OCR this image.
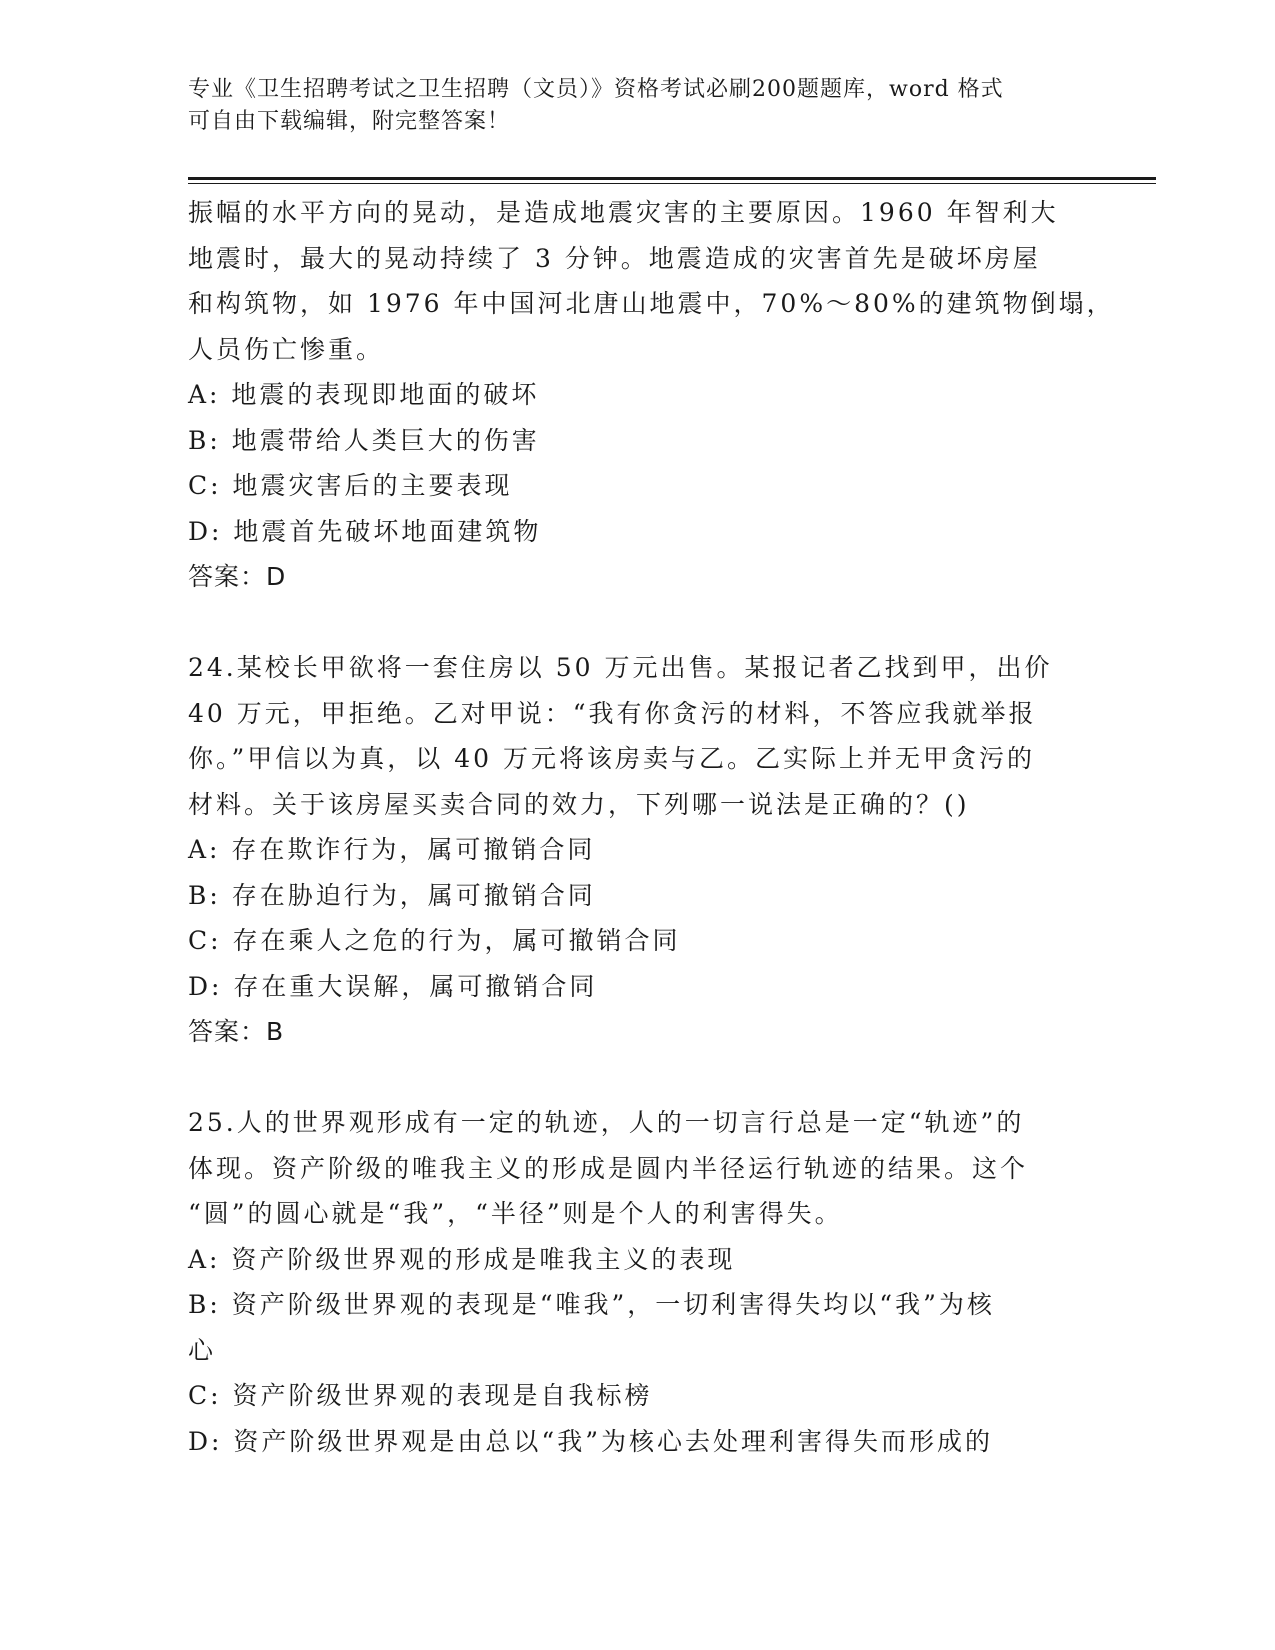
专业《卫生招聘考试之卫生招聘（文员）》资格考试必刷200题题库，word 格式
可自由下载编辑，附完整答案！
振幅的水平方向的晃动，是造成地震灾害的主要原因。1960 年智利大
地震时，最大的晃动持续了 3 分钟。地震造成的灾害首先是破坏房屋
和构筑物，如 1976 年中国河北唐山地震中，70%～80%的建筑物倒塌，
人员伤亡惨重。
A: 地震的表现即地面的破坏
B: 地震带给人类巨大的伤害
C: 地震灾害后的主要表现
D: 地震首先破坏地面建筑物
答案：D
24.某校长甲欲将一套住房以 50 万元出售。某报记者乙找到甲，出价
40 万元，甲拒绝。乙对甲说：“我有你贪污的材料，不答应我就举报
你。”甲信以为真，以 40 万元将该房卖与乙。乙实际上并无甲贪污的
材料。关于该房屋买卖合同的效力，下列哪一说法是正确的？()
A: 存在欺诈行为，属可撤销合同
B: 存在胁迫行为，属可撤销合同
C: 存在乘人之危的行为，属可撤销合同
D: 存在重大误解，属可撤销合同
答案：B
25.人的世界观形成有一定的轨迹，人的一切言行总是一定“轨迹”的
体现。资产阶级的唯我主义的形成是圆内半径运行轨迹的结果。这个
“圆”的圆心就是“我”，“半径”则是个人的利害得失。
A: 资产阶级世界观的形成是唯我主义的表现
B: 资产阶级世界观的表现是“唯我”，一切利害得失均以“我”为核
心
C: 资产阶级世界观的表现是自我标榜
D: 资产阶级世界观是由总以“我”为核心去处理利害得失而形成的
